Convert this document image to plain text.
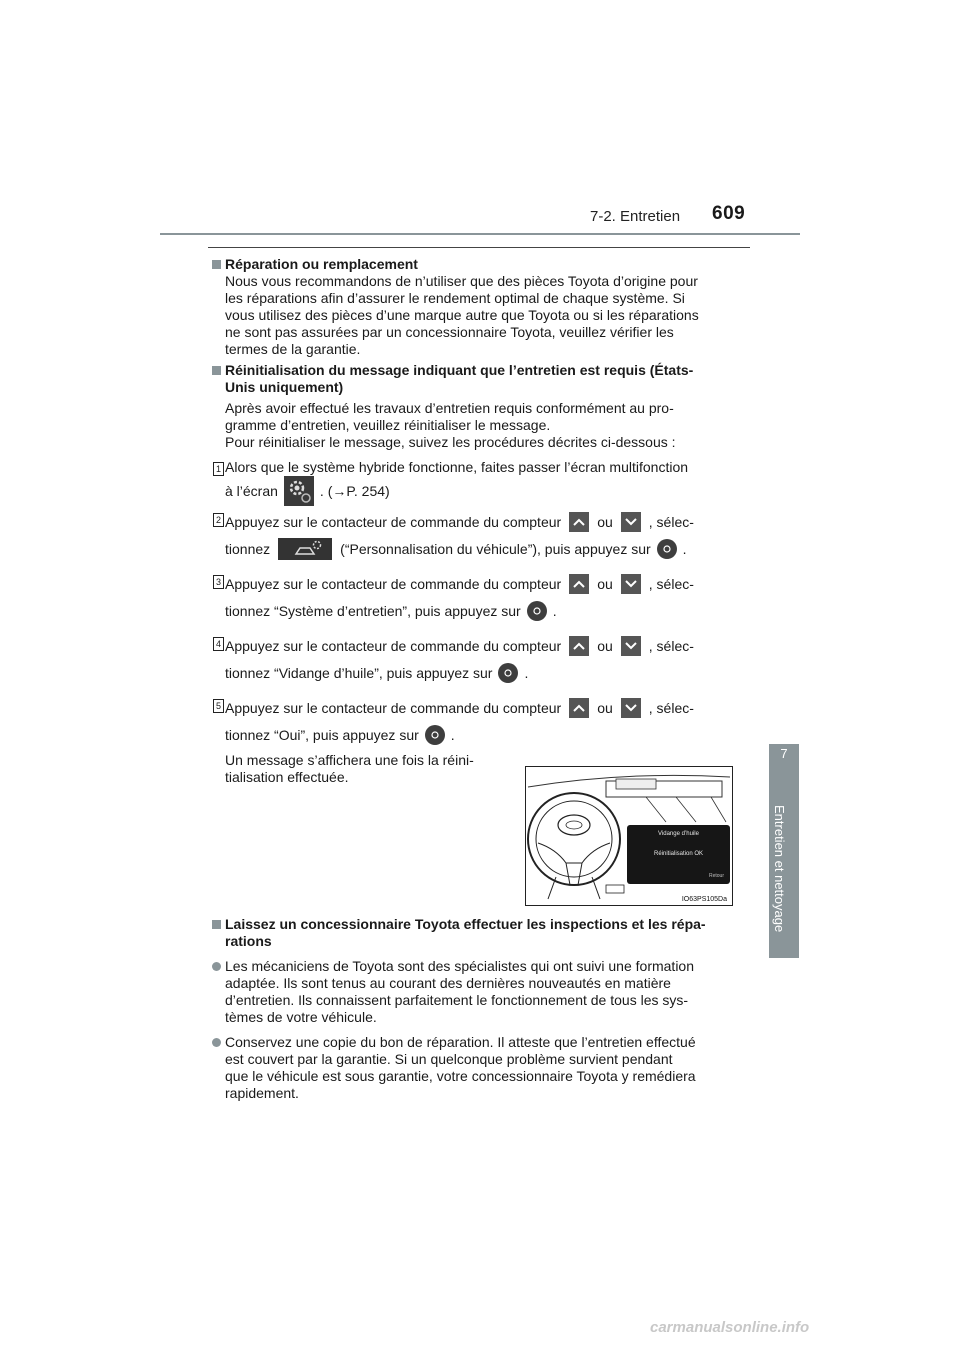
7-2. Entretien 609
7
Entretien et nettoyage
Réparation ou remplacement
Nous vous recommandons de n’utiliser que des pièces Toyota d’origine pour
les réparations afin d’assurer le rendement optimal de chaque système. Si
vous utilisez des pièces d’une marque autre que Toyota ou si les réparations
ne sont pas assurées par un concessionnaire Toyota, veuillez vérifier les
termes de la garantie.
Réinitialisation du message indiquant que l’entretien est requis (États-
Unis uniquement)
Après avoir effectué les travaux d’entretien requis conformément au pro-
gramme d’entretien, veuillez réinitialiser le message.
Pour réinitialiser le message, suivez les procédures décrites ci-dessous :
1 Alors que le système hybride fonctionne, faites passer l’écran multifonction
à l’écran	. (→P. 254)
2 Appuyez sur le contacteur de commande du compteur	ou	, sélec-
tionnez	(“Personnalisation du véhicule”), puis appuyez sur .
3 Appuyez sur le contacteur de commande du compteur	ou	, sélec-
tionnez “Système d’entretien”, puis appuyez sur .
4 Appuyez sur le contacteur de commande du compteur	ou	, sélec-
tionnez “Vidange d’huile”, puis appuyez sur .
5 Appuyez sur le contacteur de commande du compteur	ou	, sélec-
tionnez “Oui”, puis appuyez sur .
Un message s’affichera une fois la réini-
tialisation effectuée.
Vidange d’huile
Réinitialisation OK
Retour
IO63PS105Da
Laissez un concessionnaire Toyota effectuer les inspections et les répa-
rations
Les mécaniciens de Toyota sont des spécialistes qui ont suivi une formation
adaptée. Ils sont tenus au courant des dernières nouveautés en matière
d’entretien. Ils connaissent parfaitement le fonctionnement de tous les sys-
tèmes de votre véhicule.
Conservez une copie du bon de réparation. Il atteste que l’entretien effectué
est couvert par la garantie. Si un quelconque problème survient pendant
que le véhicule est sous garantie, votre concessionnaire Toyota y remédiera
rapidement.
carmanualsonline.info
